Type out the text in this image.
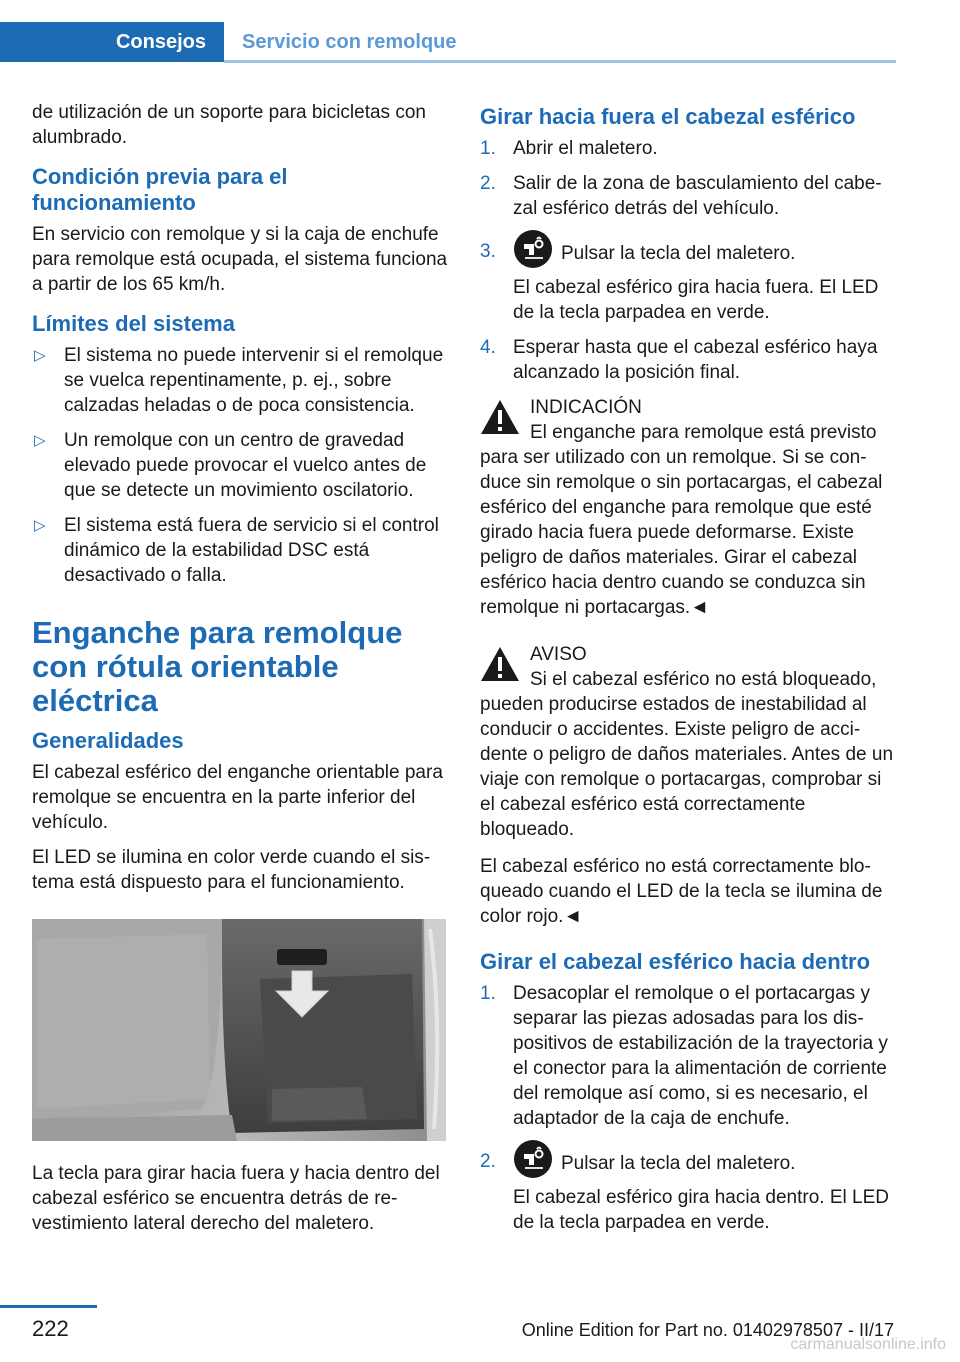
Consejos	Servicio con remolque

de utilización de un soporte para bicicletas con alumbrado.

Condición previa para el funcionamiento

En servicio con remolque y si la caja de enchufe para remolque está ocupada, el sistema funciona a partir de los 65 km/h.

Límites del sistema
▷ El sistema no puede intervenir si el remolque se vuelca repentinamente, p. ej., sobre calzadas heladas o de poca consistencia.
▷ Un remolque con un centro de gravedad elevado puede provocar el vuelco antes de que se detecte un movimiento oscilatorio.
▷ El sistema está fuera de servicio si el control dinámico de la estabilidad DSC está desactivado o falla.
Enganche para remolque con rótula orientable eléctrica
Generalidades

El cabezal esférico del enganche orientable para remolque se encuentra en la parte inferior del vehículo.

El LED se ilumina en color verde cuando el sistema está dispuesto para el funcionamiento.

La tecla para girar hacia fuera y hacia dentro del cabezal esférico se encuentra detrás de revestimiento lateral derecho del maletero.

Girar hacia fuera el cabezal esférico
1. Abrir el maletero.
2. Salir de la zona de basculamiento del cabezal esférico detrás del vehículo.
3.	Pulsar la tecla del maletero.
El cabezal esférico gira hacia fuera. El LED de la tecla parpadea en verde.
4. Esperar hasta que el cabezal esférico haya alcanzado la posición final.
INDICACIÓN
El enganche para remolque está previsto para ser utilizado con un remolque. Si se conduce sin remolque o sin portacargas, el cabezal esférico del enganche para remolque que esté girado hacia fuera puede deformarse. Existe peligro de daños materiales. Girar el cabezal esférico hacia dentro cuando se conduzca sin remolque ni portacargas.◄
AVISO
Si el cabezal esférico no está bloqueado, pueden producirse estados de inestabilidad al conducir o accidentes. Existe peligro de accidente o peligro de daños materiales. Antes de un viaje con remolque o portacargas, comprobar si el cabezal esférico está correctamente bloqueado.

El cabezal esférico no está correctamente bloqueado cuando el LED de la tecla se ilumina de color rojo.◄

Girar el cabezal esférico hacia dentro
1. Desacoplar el remolque o el portacargas y separar las piezas adosadas para los dispositivos de estabilización de la trayectoria y el conector para la alimentación de corriente del remolque así como, si es necesario, el adaptador de la caja de enchufe.
2.	Pulsar la tecla del maletero.
El cabezal esférico gira hacia dentro. El LED de la tecla parpadea en verde.
222	Online Edition for Part no. 01402978507 - II/17
carmanualsonline.info
